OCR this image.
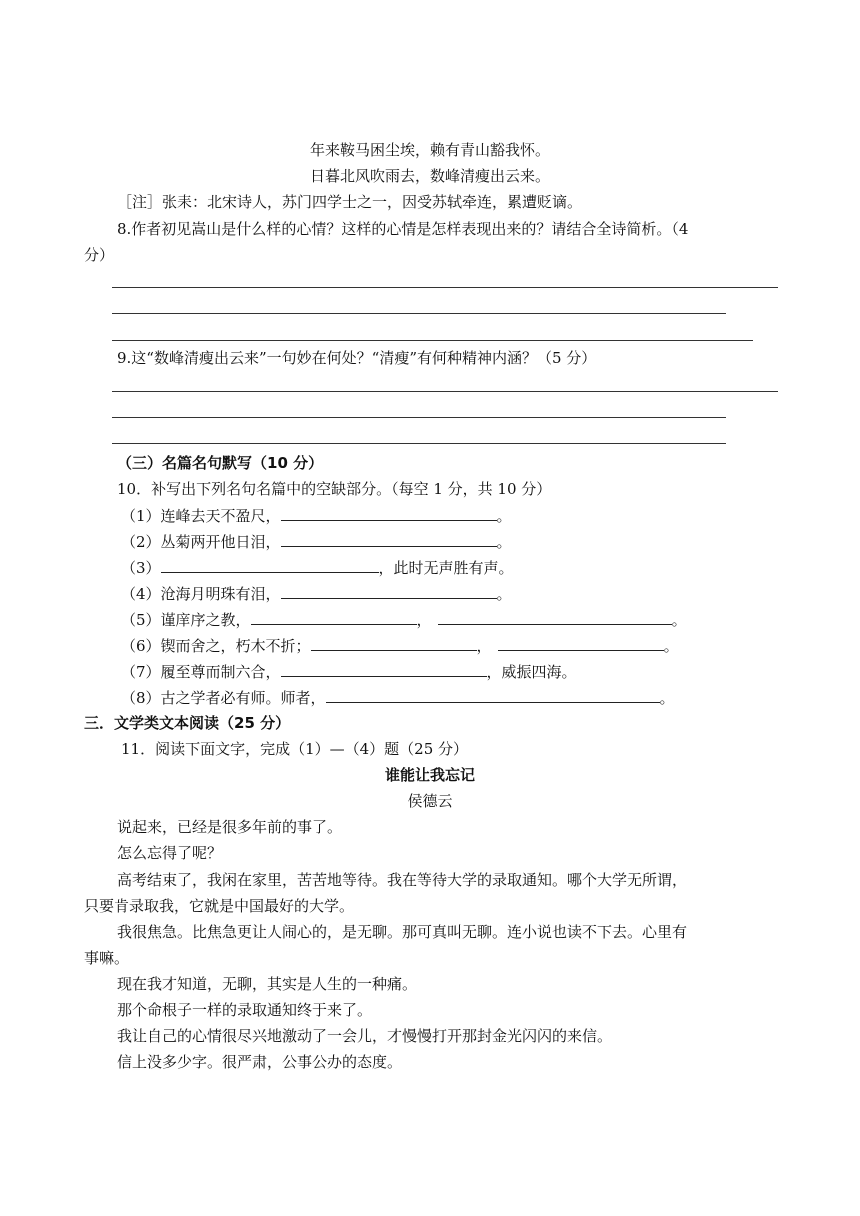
年来鞍马困尘埃，赖有青山豁我怀。
日暮北风吹雨去，数峰清瘦出云来。
［注］张耒：北宋诗人，苏门四学士之一，因受苏轼牵连，累遭贬谪。
8.作者初见嵩山是什么样的心情？这样的心情是怎样表现出来的？请结合全诗简析。（4
分）
9.这“数峰清瘦出云来”一句妙在何处？“清瘦”有何种精神内涵？（5 分）
（三）名篇名句默写（10 分）
10．补写出下列名句名篇中的空缺部分。（每空 1 分，共 10 分）
（1）连峰去天不盈尺，	。
（2）丛菊两开他日泪，	。
（3）	，此时无声胜有声。
（4）沧海月明珠有泪，	。
（5）谨庠序之教，	，	。
（6）锲而舍之，朽木不折；	，	。
（7）履至尊而制六合，	，威振四海。
（8）古之学者必有师。师者，	。
三．文学类文本阅读（25 分）
11．阅读下面文字，完成（1）—（4）题（25 分）
谁能让我忘记
侯德云
说起来，已经是很多年前的事了。
怎么忘得了呢？
高考结束了，我闲在家里，苦苦地等待。我在等待大学的录取通知。哪个大学无所谓，
只要肯录取我，它就是中国最好的大学。
我很焦急。比焦急更让人闹心的，是无聊。那可真叫无聊。连小说也读不下去。心里有
事嘛。
现在我才知道，无聊，其实是人生的一种痛。
那个命根子一样的录取通知终于来了。
我让自己的心情很尽兴地激动了一会儿，才慢慢打开那封金光闪闪的来信。
信上没多少字。很严肃，公事公办的态度。
